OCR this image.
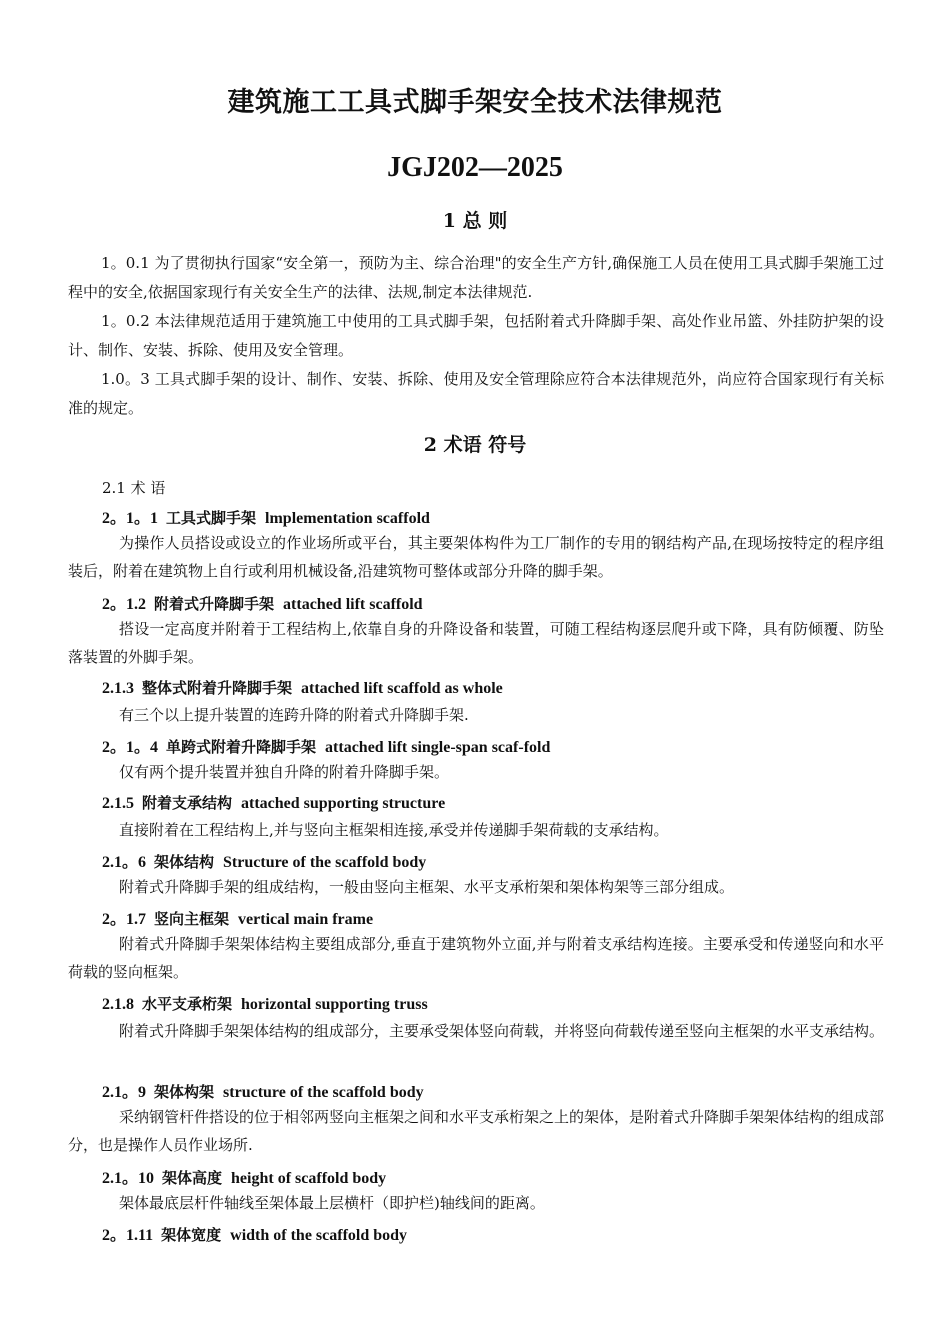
建筑施工工具式脚手架安全技术法律规范
JGJ202—2025
1 总 则
1。0.1 为了贯彻执行国家“安全第一，预防为主、综合治理"的安全生产方针,确保施工人员在使用工具式脚手架施工过程中的安全,依据国家现行有关安全生产的法律、法规,制定本法律规范.
1。0.2 本法律规范适用于建筑施工中使用的工具式脚手架，包括附着式升降脚手架、高处作业吊篮、外挂防护架的设计、制作、安装、拆除、使用及安全管理。
1.0。3 工具式脚手架的设计、制作、安装、拆除、使用及安全管理除应符合本法律规范外，尚应符合国家现行有关标准的规定。
2 术语 符号
2.1 术 语
2。1。1 工具式脚手架 lmplementation scaffold
为操作人员搭设或设立的作业场所或平台，其主要架体构件为工厂制作的专用的钢结构产品,在现场按特定的程序组装后，附着在建筑物上自行或利用机械设备,沿建筑物可整体或部分升降的脚手架。
2。1.2 附着式升降脚手架 attached lift scaffold
搭设一定高度并附着于工程结构上,依靠自身的升降设备和装置，可随工程结构逐层爬升或下降，具有防倾覆、防坠落装置的外脚手架。
2.1.3 整体式附着升降脚手架 attached lift scaffold as whole
有三个以上提升装置的连跨升降的附着式升降脚手架.
2。1。4 单跨式附着升降脚手架 attached lift single-span scaf-fold
仅有两个提升装置并独自升降的附着升降脚手架。
2.1.5 附着支承结构 attached supporting structure
直接附着在工程结构上,并与竖向主框架相连接,承受并传递脚手架荷载的支承结构。
2.1。6 架体结构 Structure of the scaffold body
附着式升降脚手架的组成结构，一般由竖向主框架、水平支承桁架和架体构架等三部分组成。
2。1.7 竖向主框架 vertical main frame
附着式升降脚手架架体结构主要组成部分,垂直于建筑物外立面,并与附着支承结构连接。主要承受和传递竖向和水平荷载的竖向框架。
2.1.8 水平支承桁架 horizontal supporting truss
附着式升降脚手架架体结构的组成部分，主要承受架体竖向荷载，并将竖向荷载传递至竖向主框架的水平支承结构。
2.1。9 架体构架 structure of the scaffold body
采纳钢管杆件搭设的位于相邻两竖向主框架之间和水平支承桁架之上的架体，是附着式升降脚手架架体结构的组成部分，也是操作人员作业场所.
2.1。10 架体高度 height of scaffold body
架体最底层杆件轴线至架体最上层横杆（即护栏)轴线间的距离。
2。1.11 架体宽度 width of the scaffold body
